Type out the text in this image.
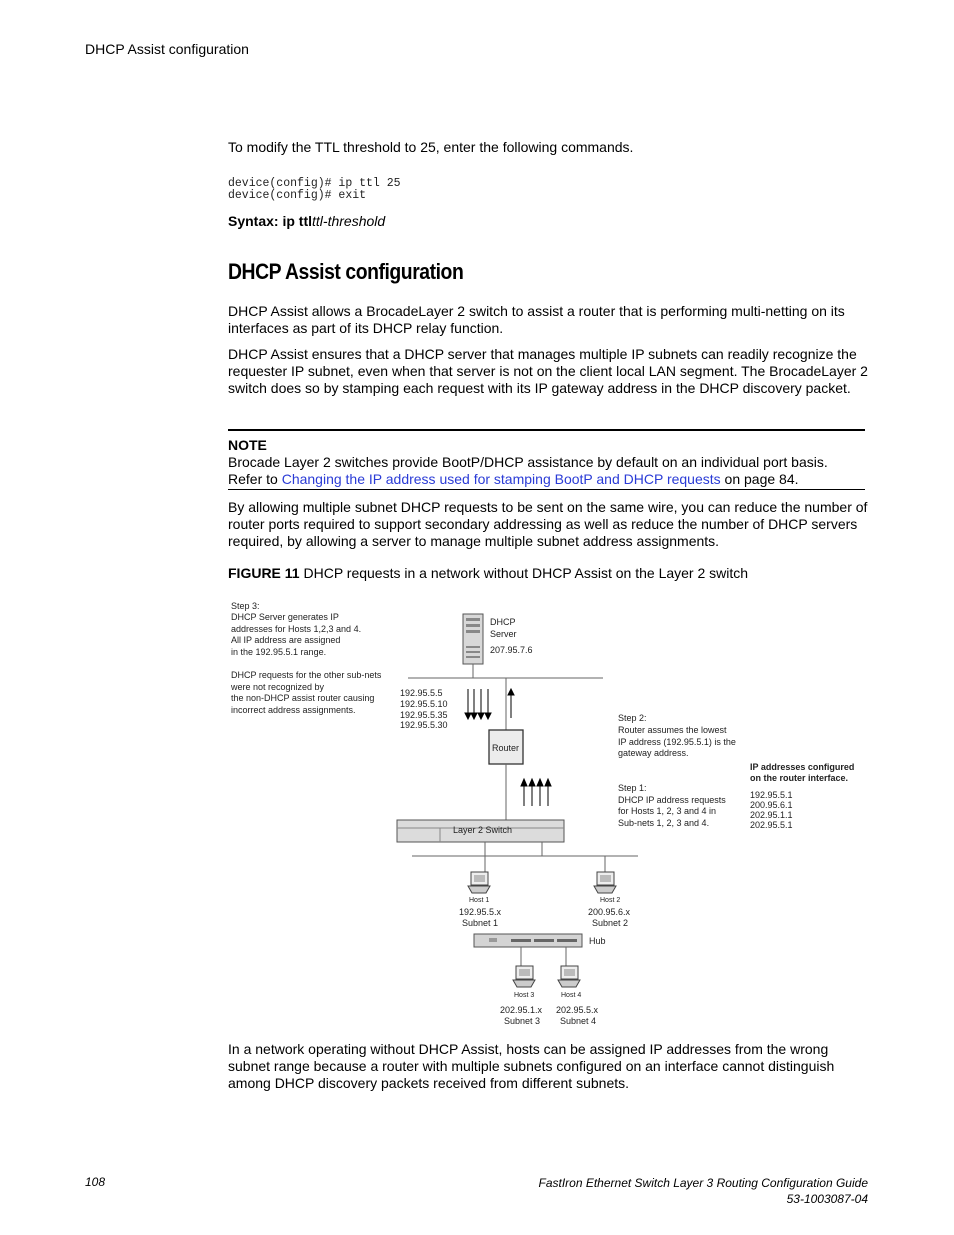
DHCP Assist configuration
To modify the TTL threshold to 25, enter the following commands.
device(config)# ip ttl 25
device(config)# exit
Syntax: ip ttlttl-threshold
DHCP Assist configuration
DHCP Assist allows a BrocadeLayer 2 switch to assist a router that is performing multi-netting on its interfaces as part of its DHCP relay function.
DHCP Assist ensures that a DHCP server that manages multiple IP subnets can readily recognize the requester IP subnet, even when that server is not on the client local LAN segment. The BrocadeLayer 2 switch does so by stamping each request with its IP gateway address in the DHCP discovery packet.
NOTE
Brocade Layer 2 switches provide BootP/DHCP assistance by default on an individual port basis.
Refer to Changing the IP address used for stamping BootP and DHCP requests on page 84.
By allowing multiple subnet DHCP requests to be sent on the same wire, you can reduce the number of router ports required to support secondary addressing as well as reduce the number of DHCP servers required, by allowing a server to manage multiple subnet address assignments.
FIGURE 11 DHCP requests in a network without DHCP Assist on the Layer 2 switch
Step 3:
DHCP Server generates IP
addresses for Hosts 1,2,3 and 4.
All IP address are assigned
in the 192.95.5.1 range.
DHCP requests for the other sub-nets
were not recognized by
the non-DHCP assist router causing
incorrect address assignments.
DHCP
Server
207.95.7.6
192.95.5.5
192.95.5.10
192.95.5.35
192.95.5.30
Router
Step 2:
Router assumes the lowest
IP address (192.95.5.1) is the
gateway address.
IP addresses configured
on the router interface.
192.95.5.1
200.95.6.1
202.95.1.1
202.95.5.1
Step 1:
DHCP IP address requests
for Hosts 1, 2, 3 and 4 in
Sub-nets 1, 2, 3 and 4.
Layer 2 Switch
Host 1
192.95.5.x
Subnet 1
Host 2
200.95.6.x
Subnet 2
Hub
Host 3
202.95.1.x
Subnet 3
Host 4
202.95.5.x
Subnet 4
In a network operating without DHCP Assist, hosts can be assigned IP addresses from the wrong subnet range because a router with multiple subnets configured on an interface cannot distinguish among DHCP discovery packets received from different subnets.
108	FastIron Ethernet Switch Layer 3 Routing Configuration Guide
53-1003087-04
